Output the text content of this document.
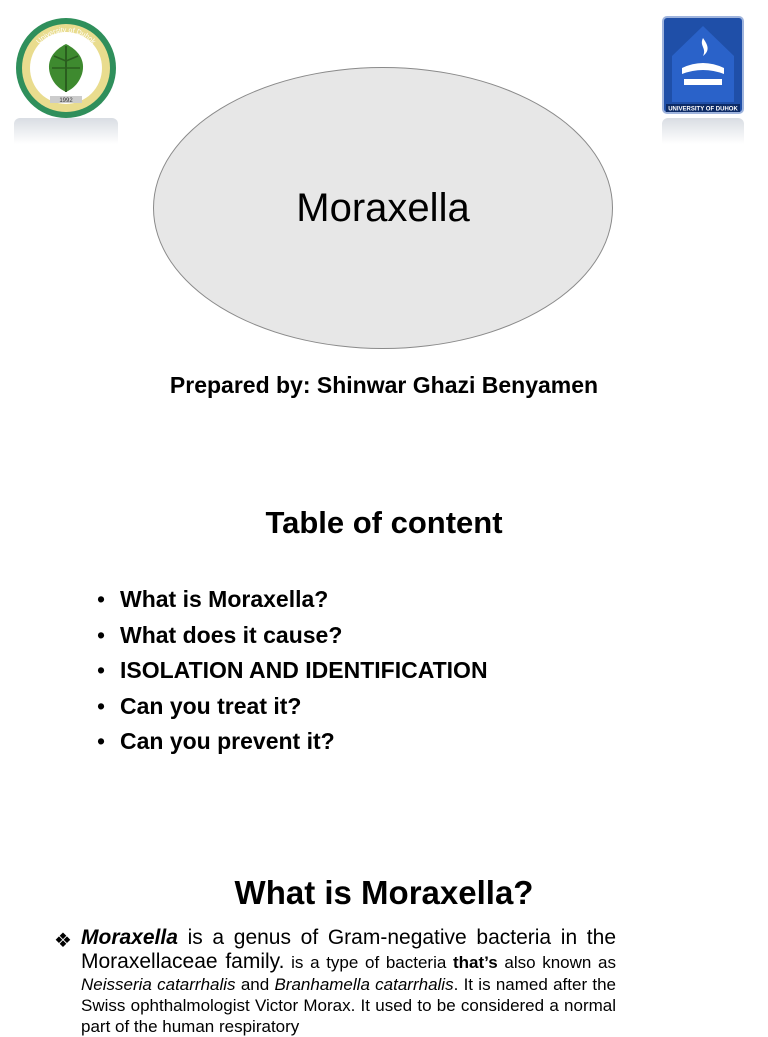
1992
University of Duhok
UNIVERSITY OF DUHOK
Moraxella
Prepared by: Shinwar Ghazi Benyamen
Table of content
• What is Moraxella?
• What does it cause?
• ISOLATION AND IDENTIFICATION
• Can you treat it?
• Can you prevent it?
What is Moraxella?
❖ Moraxella is a genus of Gram-negative bacteria in the Moraxellaceae family. is a type of bacteria that’s also known as Neisseria catarrhalis and Branhamella catarrhalis. It is named after the Swiss ophthalmologist Victor Morax. It used to be considered a normal part of the human respiratory
